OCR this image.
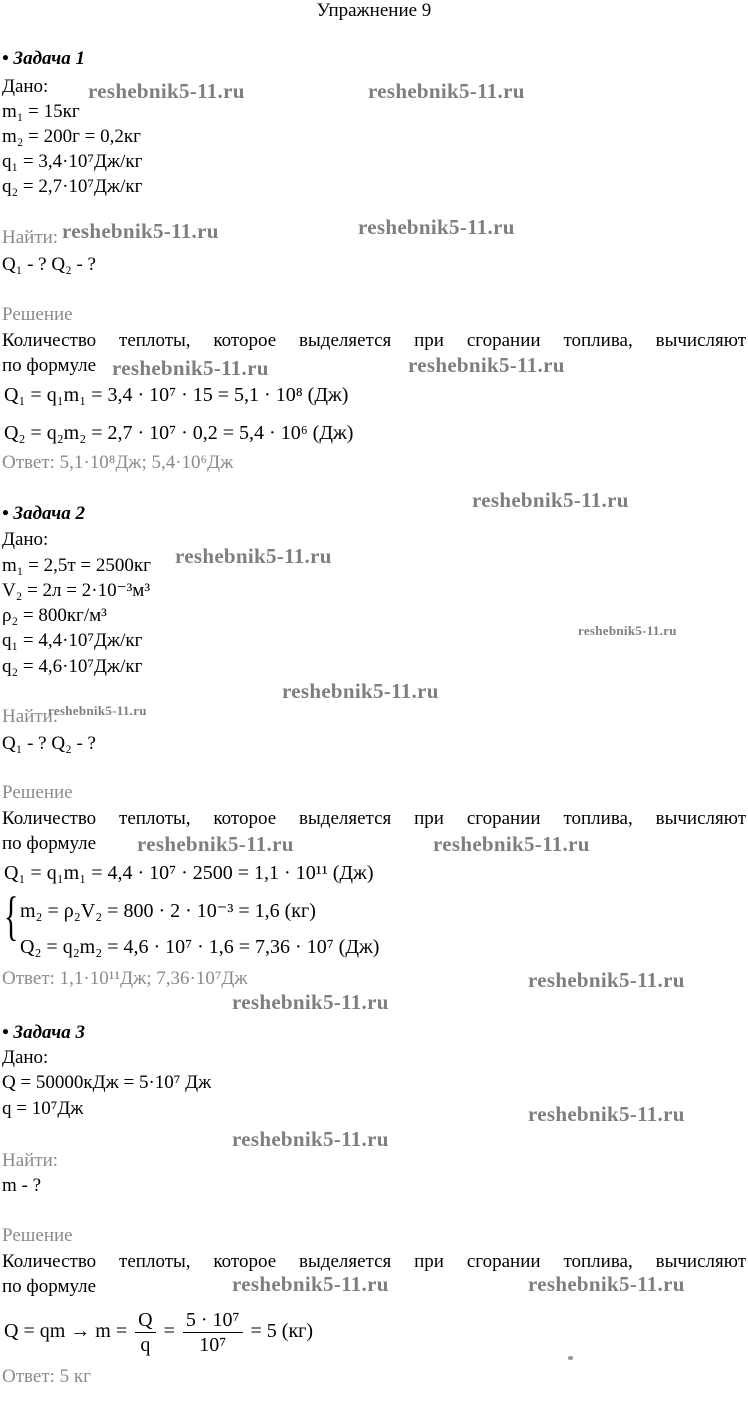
Упражнение 9
• Задача 1
Дано:
m₁ = 15кг
m₂ = 200г = 0,2кг
q₁ = 3,4·10⁷Дж/кг
q₂ = 2,7·10⁷Дж/кг
Найти:
Q₁ - ? Q₂ - ?
Решение
Количество теплоты, которое выделяется при сгорании топлива, вычисляют
по формуле
Q₁ = q₁m₁ = 3,4 · 10⁷ · 15 = 5,1 · 10⁸ (Дж)
Q₂ = q₂m₂ = 2,7 · 10⁷ · 0,2 = 5,4 · 10⁶ (Дж)
Ответ: 5,1·10⁸Дж; 5,4·10⁶Дж
• Задача 2
Дано:
m₁ = 2,5т = 2500кг
V₂ = 2л = 2·10⁻³м³
ρ₂ = 800кг/м³
q₁ = 4,4·10⁷Дж/кг
q₂ = 4,6·10⁷Дж/кг
Найти:
Q₁ - ? Q₂ - ?
Решение
Количество теплоты, которое выделяется при сгорании топлива, вычисляют
по формуле
Q₁ = q₁m₁ = 4,4 · 10⁷ · 2500 = 1,1 · 10¹¹ (Дж)
{ m₂ = ρ₂V₂ = 800 · 2 · 10⁻³ = 1,6 (кг)
Q₂ = q₂m₂ = 4,6 · 10⁷ · 1,6 = 7,36 · 10⁷ (Дж)
Ответ: 1,1·10¹¹Дж; 7,36·10⁷Дж
• Задача 3
Дано:
Q = 50000кДж = 5·10⁷ Дж
q = 10⁷Дж
Найти:
m - ?
Решение
Количество теплоты, которое выделяется при сгорании топлива, вычисляют
по формуле
Q = qm → $m = \frac{Q}{q} = \frac{\text{5 · 10⁷}}{\text{10⁷}} = 5$ (кг)
Ответ: 5 кг
reshebnik5-11.ru	reshebnik5-11.ru
reshebnik5-11.ru	reshebnik5-11.ru
reshebnik5-11.ru	reshebnik5-11.ru
reshebnik5-11.ru
reshebnik5-11.ru
reshebnik5-11.ru
reshebnik5-11.ru
reshebnik5-11.ru
reshebnik5-11.ru	reshebnik5-11.ru
reshebnik5-11.ru
reshebnik5-11.ru
reshebnik5-11.ru
reshebnik5-11.ru
reshebnik5-11.ru	reshebnik5-11.ru
